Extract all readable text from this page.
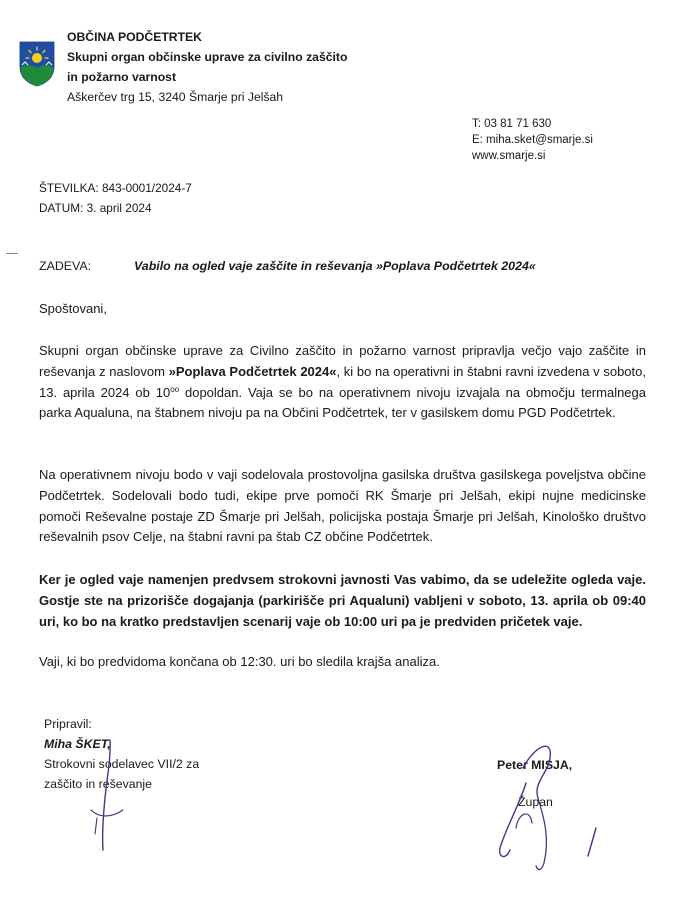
OBČINA PODČETRTEK
Skupni organ občinske uprave za civilno zaščito
in požarno varnost
Aškerčev trg 15, 3240 Šmarje pri Jelšah
T: 03 81 71 630
E: miha.sket@smarje.si
www.smarje.si
ŠTEVILKA: 843-0001/2024-7
DATUM: 3. april 2024
ZADEVA:	Vabilo na ogled vaje zaščite in reševanja »Poplava Podčetrtek 2024«
Spoštovani,

Skupni organ občinske uprave za Civilno zaščito in požarno varnost pripravlja večjo vajo zaščite in reševanja z naslovom »Poplava Podčetrtek 2024«, ki bo na operativni in štabni ravni izvedena v soboto, 13. aprila 2024 ob $10^{oo}$ dopoldan. Vaja se bo na operativnem nivoju izvajala na območju termalnega parka Aqualuna, na štabnem nivoju pa na Občini Podčetrtek, ter v gasilskem domu PGD Podčetrtek.

Na operativnem nivoju bodo v vaji sodelovala prostovoljna gasilska društva gasilskega poveljstva občine Podčetrtek. Sodelovali bodo tudi, ekipe prve pomoči RK Šmarje pri Jelšah, ekipi nujne medicinske pomoči Reševalne postaje ZD Šmarje pri Jelšah, policijska postaja Šmarje pri Jelšah, Kinološko društvo reševalnih psov Celje, na štabni ravni pa štab CZ občine Podčetrtek.

Ker je ogled vaje namenjen predvsem strokovni javnosti Vas vabimo, da se udeležite ogleda vaje. Gostje ste na prizorišče dogajanja (parkirišče pri Aqualuni) vabljeni v soboto, 13. aprila ob 09:40 uri, ko bo na kratko predstavljen scenarij vaje ob 10:00 uri pa je predviden pričetek vaje.

Vaji, ki bo predvidoma končana ob 12:30. uri bo sledila krajša analiza.

Pripravil:
Miha ŠKET,
Strokovni sodelavec VII/2 za
zaščito in reševanje
Peter MISJA,
Župan
